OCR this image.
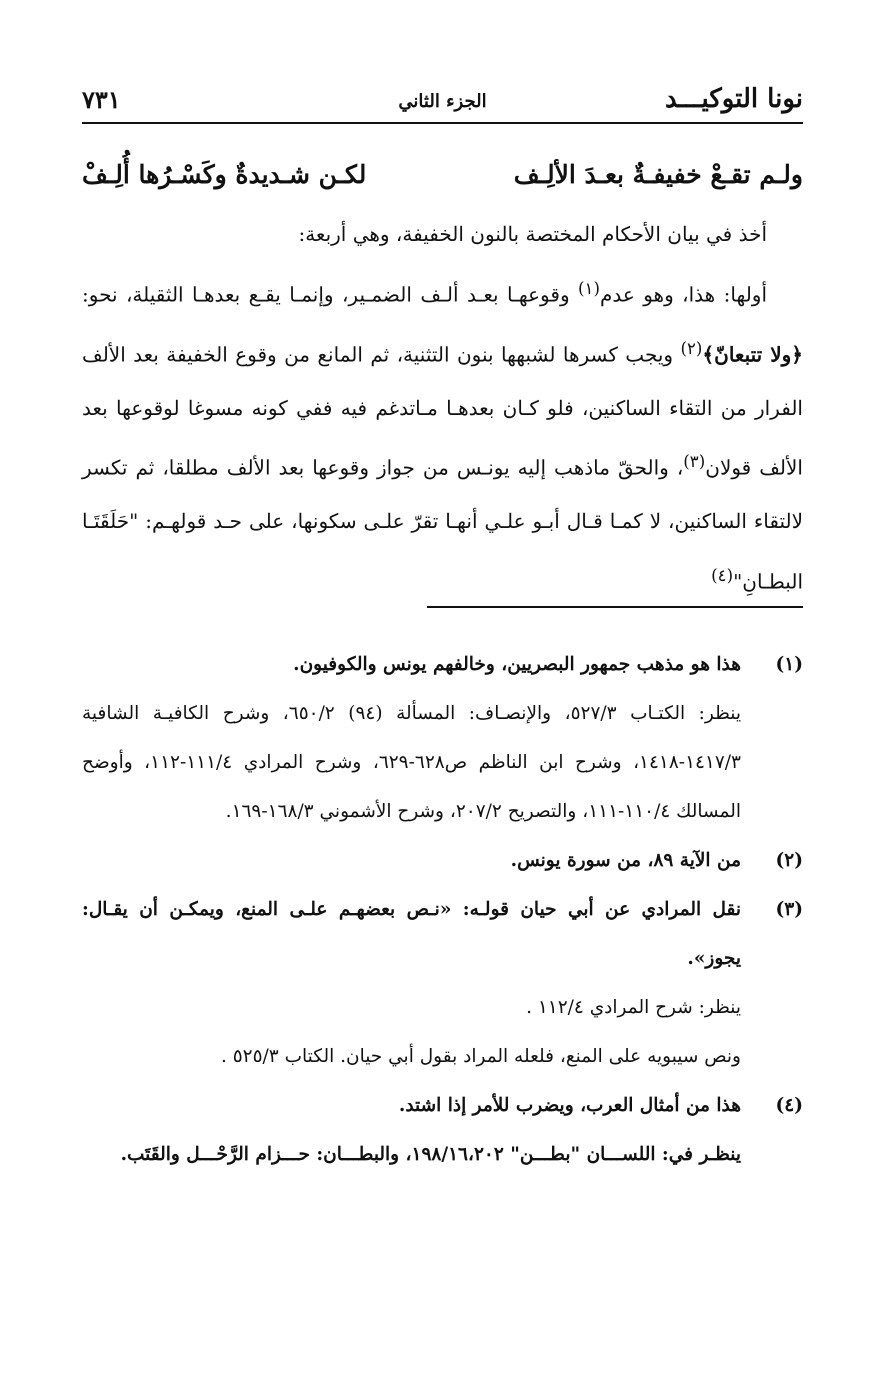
نونا التوكيـــد
الجزء الثاني
٧٣١
ولـم تقـعْ خفيفـةٌ بعـدَ الألِـف
لكـن شـديدةٌ وكَسْـرُها أُلِـفْ

أخذ في بيان الأحكام المختصة بالنون الخفيفة، وهي أربعة:

أولها: هذا، وهو عدم$^{(١)}$ وقوعهـا بعـد ألـف الضمـير، وإنمـا يقـع بعدهـا الثقيلة، نحو:﴿ولا تتبعانّ﴾$^{(٢)}$ ويجب كسرها لشبهها بنون التثنية، ثم المانع من وقوع الخفيفة بعد الألف الفرار من التقاء الساكنين، فلو كـان بعدهـا مـاتدغم فيه ففي كونه مسوغا لوقوعها بعد الألف قولان$^{(٣)}$، والحقّ ماذهب إليه يونـس من جواز وقوعها بعد الألف مطلقا، ثم تكسر لالتقاء الساكنين، لا كمـا قـال أبـو علـي أنهـا تقرّ علـى سكونها، على حـد قولهـم: "حَلَقَتَـا البطـانِ"$^{(٤)}$

(١)

هذا هو مذهب جمهور البصريين، وخالفهم يونس والكوفيون.

ينظر: الكتـاب ٥٢٧/٣، والإنصـاف: المسألة (٩٤) ٦٥٠/٢، وشرح الكافيـة الشافية ١٤١٧/٣-١٤١٨، وشرح ابن الناظم ص٦٢٨-٦٢٩، وشرح المرادي ١١١/٤-١١٢، وأوضح المسالك ١١٠/٤-١١١، والتصريح ٢٠٧/٢، وشرح الأشموني ١٦٨/٣-١٦٩.

(٢)

من الآية ٨٩، من سورة يونس.

(٣)

نقل المرادي عن أبي حيان قولـه: «نـص بعضهـم علـى المنع، ويمكـن أن يقـال: يجوز».

ينظر: شرح المرادي ١١٢/٤ .

ونص سيبويه على المنع، فلعله المراد بقول أبي حيان. الكتاب ٥٢٥/٣ .

(٤)

هذا من أمثال العرب، ويضرب للأمر إذا اشتد.

ينظـر في: اللســـان "بطـــن" ١٩٨/١٦،٢٠٢، والبطـــان: حـــزام الرَّحْـــل والقَتَب.
